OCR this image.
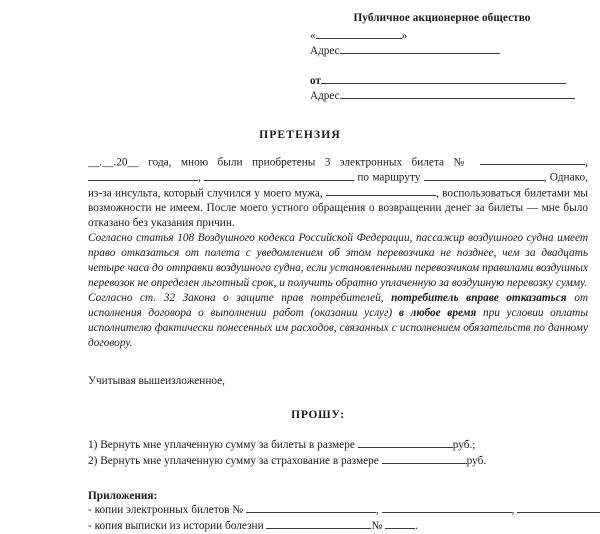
Публичное акционерное общество
«	»
Адрес
от
Адрес
ПРЕТЕНЗИЯ

__.__.20__ года, мною были приобретены 3 электронных билета №	, ,	по маршруту	, Однако, из-за инсульта, который случился у моего мужа,	, воспользоваться билетами мы возможности не имеем. После моего устного обращения о возвращении денег за билеты — мне было отказано без указания причин.

Согласно статья 108 Воздушного кодекса Российской Федерации, пассажир воздушного судна имеет право отказаться от полета с уведомлением об этом перевозчика не позднее, чем за двадцать четыре часа до отправки воздушного судна, если установленными перевозчиком правилами воздушных перевозок не определен льготный срок, и получить обратно уплаченную за воздушную перевозку сумму.

Согласно ст. 32 Закона о защите прав потребителей, потребитель вправе отказаться от исполнения договора о выполнении работ (оказании услуг) в любое время при условии оплаты исполнителю фактически понесенных им расходов, связанных с исполнением обязательств по данному договору.

Учитывая вышеизложенное,
ПРОШУ:
1) Вернуть мне уплаченную сумму за билеты в размере	руб.;
2) Вернуть мне уплаченную сумму за страхование в размере	руб.
Приложения:
- копии электронных билетов №	,	,
- копия выписки из истории болезни	№	.
